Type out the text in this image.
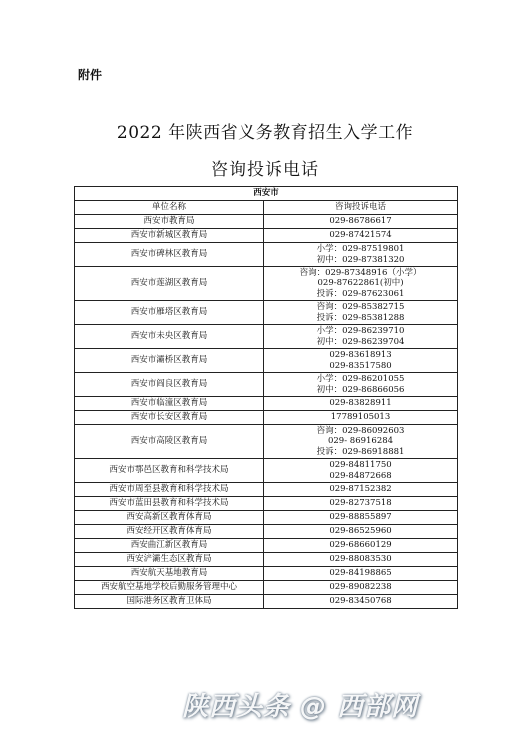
附件
2022 年陕西省义务教育招生入学工作
咨询投诉电话
西安市	
单位名称	咨询投诉电话
西安市教育局	029-86786617

西安市新城区教育局	029-87421574

西安市碑林区教育局	小学：029-87519801
初中：029-87381320

西安市莲湖区教育局	咨询：029-87348916（小学）
029-87622861(初中)
投诉：029-87623061

西安市雁塔区教育局	咨询：029-85382715
投诉：029-85381288

西安市未央区教育局	小学：029-86239710
初中：029-86239704

西安市灞桥区教育局	029-83618913
029-83517580

西安市阎良区教育局	小学：029-86201055
初中：029-86866056

西安市临潼区教育局	029-83828911

西安市长安区教育局	17789105013

西安市高陵区教育局	咨询：029-86092603
029- 86916284
投诉：029-86918881

西安市鄠邑区教育和科学技术局	029-84811750
029-84872668

西安市周至县教育和科学技术局	029-87152382

西安市蓝田县教育和科学技术局	029-82737518

西安高新区教育体育局	029-88855897

西安经开区教育体育局	029-86525960

西安曲江新区教育局	029-68660129

西安浐灞生态区教育局	029-88083530

西安航天基地教育局	029-84198865

西安航空基地学校后勤服务管理中心	029-89082238

国际港务区教育卫体局	029-83450768
陕西头条 @ 西部网
